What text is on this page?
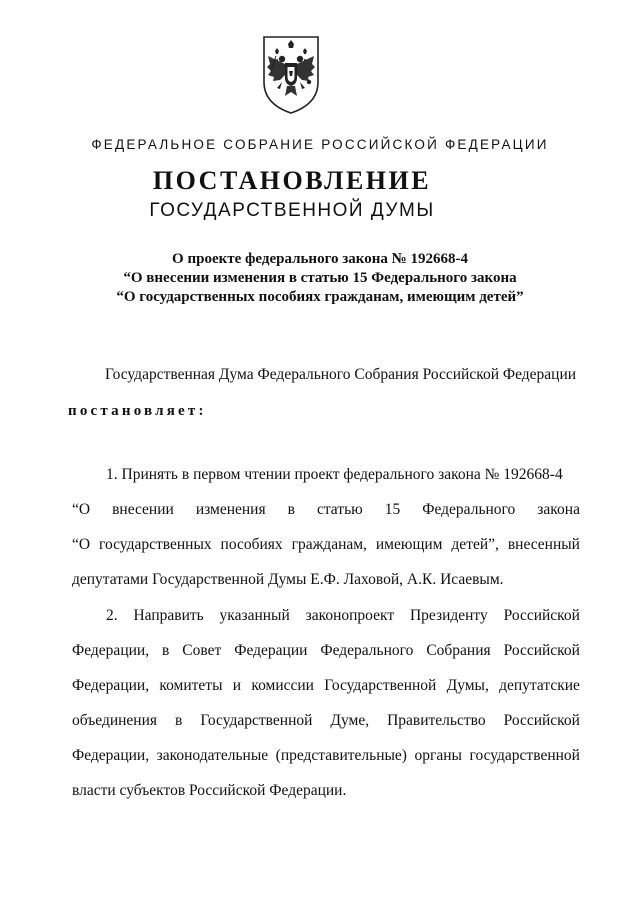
ФЕДЕРАЛЬНОЕ СОБРАНИЕ РОССИЙСКОЙ ФЕДЕРАЦИИ
ПОСТАНОВЛЕНИЕ
ГОСУДАРСТВЕННОЙ ДУМЫ
О проекте федерального закона № 192668-4
“О внесении изменения в статью 15 Федерального закона
“О государственных пособиях гражданам, имеющим детей”
Государственная Дума Федерального Собрания Российской Федерации
постановляет:
1. Принять в первом чтении проект федерального закона № 192668-4
“О внесении изменения в статью 15 Федерального закона
“О государственных пособиях гражданам, имеющим детей”, внесенный
депутатами Государственной Думы Е.Ф. Лаховой, А.К. Исаевым.
2. Направить указанный законопроект Президенту Российской
Федерации, в Совет Федерации Федерального Собрания Российской
Федерации, комитеты и комиссии Государственной Думы, депутатские
объединения в Государственной Думе, Правительство Российской
Федерации, законодательные (представительные) органы государственной
власти субъектов Российской Федерации.
